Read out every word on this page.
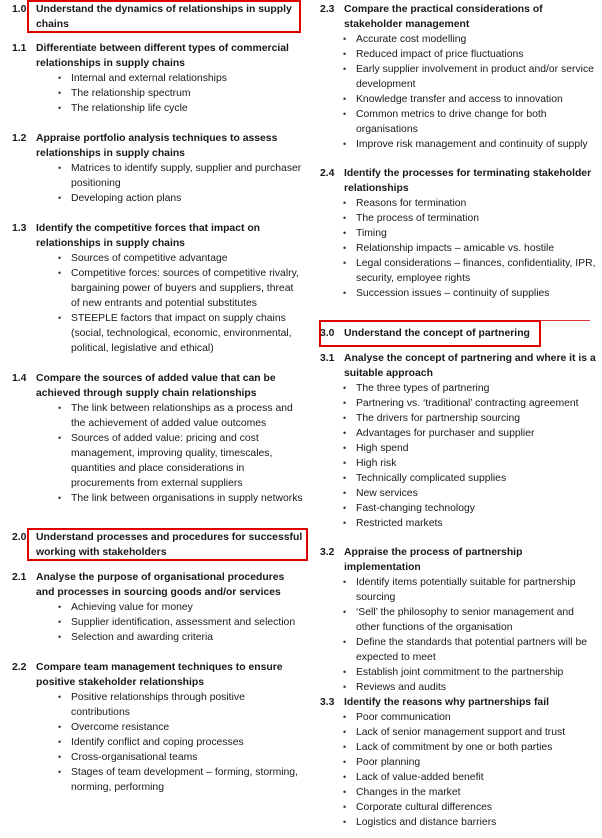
1.0 Understand the dynamics of relationships in supply chains
1.1 Differentiate between different types of commercial relationships in supply chains
• Internal and external relationships
• The relationship spectrum
• The relationship life cycle
1.2 Appraise portfolio analysis techniques to assess relationships in supply chains
• Matrices to identify supply, supplier and purchaser positioning
• Developing action plans
1.3 Identify the competitive forces that impact on relationships in supply chains
• Sources of competitive advantage
• Competitive forces: sources of competitive rivalry, bargaining power of buyers and suppliers, threat of new entrants and potential substitutes
• STEEPLE factors that impact on supply chains (social, technological, economic, environmental, political, legislative and ethical)
1.4 Compare the sources of added value that can be achieved through supply chain relationships
• The link between relationships as a process and the achievement of added value outcomes
• Sources of added value: pricing and cost management, improving quality, timescales, quantities and place considerations in procurements from external suppliers
• The link between organisations in supply networks
2.0 Understand processes and procedures for successful working with stakeholders
2.1 Analyse the purpose of organisational procedures and processes in sourcing goods and/or services
• Achieving value for money
• Supplier identification, assessment and selection
• Selection and awarding criteria
2.2 Compare team management techniques to ensure positive stakeholder relationships
• Positive relationships through positive contributions
• Overcome resistance
• Identify conflict and coping processes
• Cross-organisational teams
• Stages of team development – forming, storming, norming, performing
2.3 Compare the practical considerations of stakeholder management
• Accurate cost modelling
• Reduced impact of price fluctuations
• Early supplier involvement in product and/or service development
• Knowledge transfer and access to innovation
• Common metrics to drive change for both organisations
• Improve risk management and continuity of supply
2.4 Identify the processes for terminating stakeholder relationships
• Reasons for termination
• The process of termination
• Timing
• Relationship impacts – amicable vs. hostile
• Legal considerations – finances, confidentiality, IPR, security, employee rights
• Succession issues – continuity of supplies
3.0 Understand the concept of partnering
3.1 Analyse the concept of partnering and where it is a suitable approach
• The three types of partnering
• Partnering vs. ‘traditional’ contracting agreement
• The drivers for partnership sourcing
• Advantages for purchaser and supplier
• High spend
• High risk
• Technically complicated supplies
• New services
• Fast-changing technology
• Restricted markets
3.2 Appraise the process of partnership implementation
• Identify items potentially suitable for partnership sourcing
• ‘Sell’ the philosophy to senior management and other functions of the organisation
• Define the standards that potential partners will be expected to meet
• Establish joint commitment to the partnership
• Reviews and audits
3.3 Identify the reasons why partnerships fail
• Poor communication
• Lack of senior management support and trust
• Lack of commitment by one or both parties
• Poor planning
• Lack of value-added benefit
• Changes in the market
• Corporate cultural differences
• Logistics and distance barriers
